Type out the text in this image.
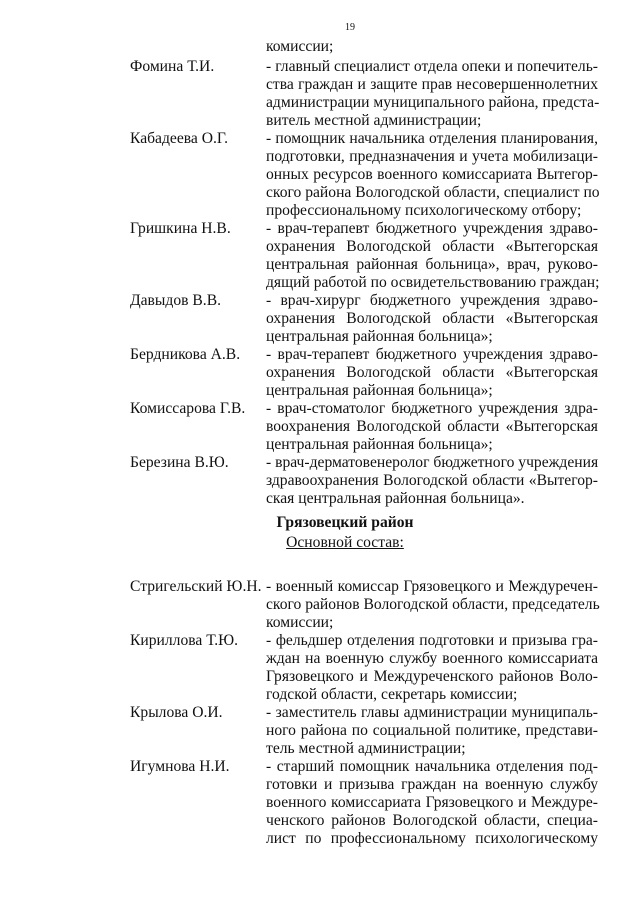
19
комиссии;
Фомина Т.И.	- главный специалист отдела опеки и попечитель-
ства граждан и защите прав несовершеннолетних
администрации муниципального района, предста-
витель местной администрации;
Кабадеева О.Г. - помощник начальника отделения планирования,
подготовки, предназначения и учета мобилизаци-
онных ресурсов военного комиссариата Вытегор-
ского района Вологодской области, специалист по
профессиональному психологическому отбору;
Гришкина Н.В. - врач-терапевт бюджетного учреждения здраво-
охранения Вологодской области «Вытегорская
центральная районная больница», врач, руково-
дящий работой по освидетельствованию граждан;
Давыдов В.В.	- врач-хирург бюджетного учреждения здраво-
охранения Вологодской области «Вытегорская
центральная районная больница»;
Бердникова А.В. - врач-терапевт бюджетного учреждения здраво-
охранения Вологодской области «Вытегорская
центральная районная больница»;
Комиссарова Г.В. - врач-стоматолог бюджетного учреждения здра-
воохранения Вологодской области «Вытегорская
центральная районная больница»;
Березина В.Ю. - врач-дерматовенеролог бюджетного учреждения
здравоохранения Вологодской области «Вытегор-
ская центральная районная больница».
Грязовецкий район
Основной состав:
Стригельский Ю.Н. - военный комиссар Грязовецкого и Междуречен-
ского районов Вологодской области, председатель
комиссии;
Кириллова Т.Ю. - фельдшер отделения подготовки и призыва гра-
ждан на военную службу военного комиссариата
Грязовецкого и Междуреченского районов Воло-
годской области, секретарь комиссии;
Крылова О.И.	- заместитель главы администрации муниципаль-
ного района по социальной политике, представи-
тель местной администрации;
Игумнова Н.И. - старший помощник начальника отделения под-
готовки и призыва граждан на военную службу
военного комиссариата Грязовецкого и Междуре-
ченского районов Вологодской области, специа-
лист по профессиональному психологическому
